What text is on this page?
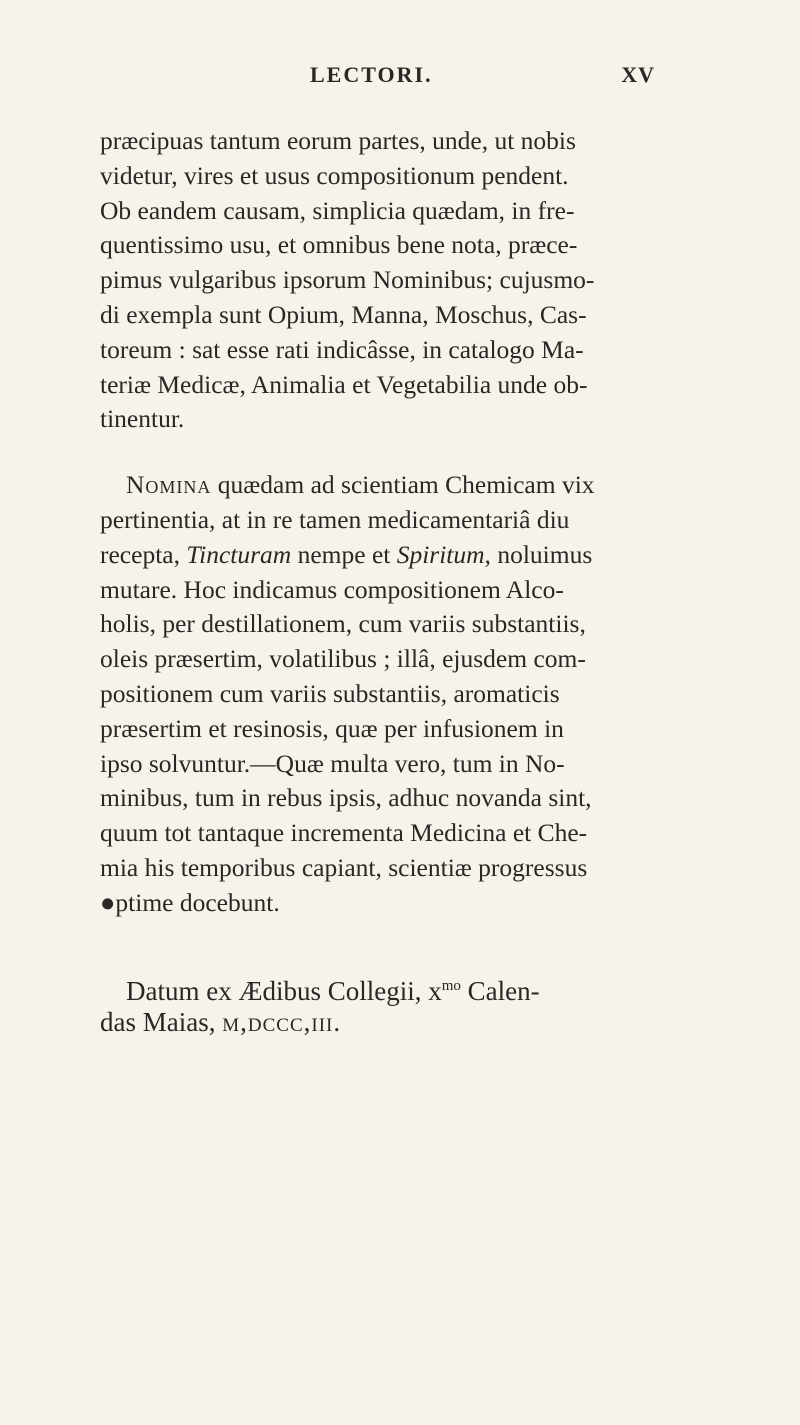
LECTORI.	XV
præcipuas tantum eorum partes, unde, ut nobis
videtur, vires et usus compositionum pendent.
Ob eandem causam, simplicia quædam, in fre-
quentissimo usu, et omnibus bene nota, præce-
pimus vulgaribus ipsorum Nominibus; cujusmo-
di exempla sunt Opium, Manna, Moschus, Cas-
toreum : sat esse rati indicâsse, in catalogo Ma-
teriæ Medicæ, Animalia et Vegetabilia unde ob-
tinentur.
Nomina quædam ad scientiam Chemicam vix
pertinentia, at in re tamen medicamentariâ diu
recepta, Tincturam nempe et Spiritum, noluimus
mutare. Hoc indicamus compositionem Alco-
holis, per destillationem, cum variis substantiis,
oleis præsertim, volatilibus ; illâ, ejusdem com-
positionem cum variis substantiis, aromaticis
præsertim et resinosis, quæ per infusionem in
ipso solvuntur.—Quæ multa vero, tum in No-
minibus, tum in rebus ipsis, adhuc novanda sint,
quum tot tantaque incrementa Medicina et Che-
mia his temporibus capiant, scientiæ progressus
●ptime docebunt.
Datum ex Ædibus Collegii, $x^{mo}$ Calen-
das Maias, m,dccc,iii.
